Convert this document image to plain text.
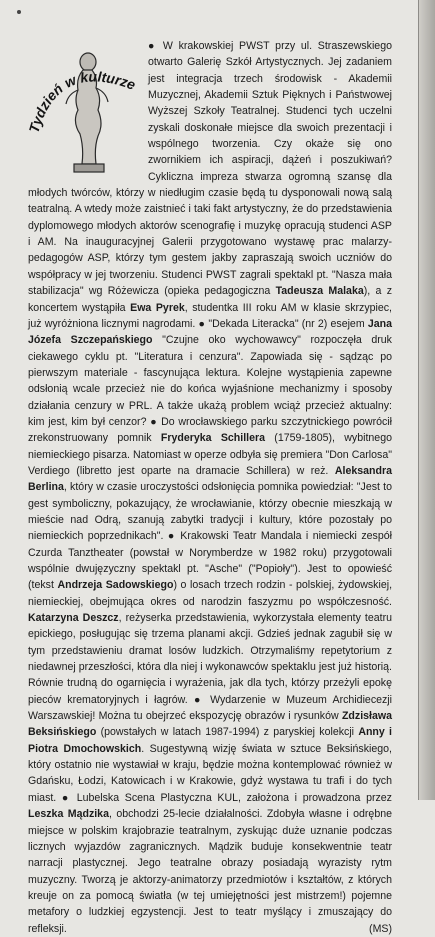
ydzień w kulturze
● W krakowskiej PWST przy ul. Straszewskiego otwarto Galerię Szkół Artystycznych. Jej zadaniem jest integracja trzech środowisk - Akademii Muzycznej, Akademii Sztuk Pięknych i Państwowej Wyższej Szkoły Teatralnej. Studenci tych uczelni zyskali doskonałe miejsce dla swoich prezentacji i wspólnego tworzenia. Czy okaże się ono zwornikiem ich aspiracji, dążeń i poszukiwań? Cykliczna impreza stwarza ogromną szansę dla młodych twórców, którzy w niedługim czasie będą tu dysponowali nową salą teatralną. A wtedy może zaistnieć i taki fakt artystyczny, że do przedstawienia dyplomowego młodych aktorów scenografię i muzykę opracują studenci ASP i AM. Na inauguracyjnej Galerii przygotowano wystawę prac malarzy-pedagogów ASP, którzy tym gestem jakby zapraszają swoich uczniów do współpracy w jej tworzeniu. Studenci PWST zagrali spektakl pt. "Nasza mała stabilizacja" wg Różewicza (opieka pedagogiczna Tadeusza Malaka), a z koncertem wystąpiła Ewa Pyrek, studentka III roku AM w klasie skrzypiec, już wyróżniona licznymi nagrodami. ● "Dekada Literacka" (nr 2) esejem Jana Józefa Szczepańskiego "Czujne oko wychowawcy" rozpoczęła druk ciekawego cyklu pt. "Literatura i cenzura". Zapowiada się - sądząc po pierwszym materiale - fascynująca lektura. Kolejne wystąpienia zapewne odsłonią wcale przecież nie do końca wyjaśnione mechanizmy i sposoby działania cenzury w PRL. A także ukażą problem wciąż przecież aktualny: kim jest, kim był cenzor? ● Do wrocławskiego parku szczytnickiego powrócił zrekonstruowany pomnik Fryderyka Schillera (1759-1805), wybitnego niemieckiego pisarza. Natomiast w operze odbyła się premiera "Don Carlosa" Verdiego (libretto jest oparte na dramacie Schillera) w reż. Aleksandra Berlina, który w czasie uroczystości odsłonięcia pomnika powiedział: "Jest to gest symboliczny, pokazujący, że wrocławianie, którzy obecnie mieszkają w mieście nad Odrą, szanują zabytki tradycji i kultury, które pozostały po niemieckich poprzednikach". ● Krakowski Teatr Mandala i niemiecki zespół Czurda Tanztheater (powstał w Norymberdze w 1982 roku) przygotowali wspólnie dwujęzyczny spektakl pt. "Asche" ("Popioły"). Jest to opowieść (tekst Andrzeja Sadowskiego) o losach trzech rodzin - polskiej, żydowskiej, niemieckiej, obejmująca okres od narodzin faszyzmu po współczesność. Katarzyna Deszcz, reżyserka przedstawienia, wykorzystała elementy teatru epickiego, posługując się trzema planami akcji. Gdzieś jednak zagubił się w tym przedstawieniu dramat losów ludzkich. Otrzymaliśmy repetytorium z niedawnej przeszłości, która dla niej i wykonawców spektaklu jest już historią. Równie trudną do ogarnięcia i wyrażenia, jak dla tych, którzy przeżyli epokę pieców krematoryjnych i łagrów. ● Wydarzenie w Muzeum Archidiecezji Warszawskiej! Można tu obejrzeć ekspozycję obrazów i rysunków Zdzisława Beksińskiego (powstałych w latach 1987-1994) z paryskiej kolekcji Anny i Piotra Dmochowskich. Sugestywną wizję świata w sztuce Beksińskiego, który ostatnio nie wystawiał w kraju, będzie można kontemplować również w Gdańsku, Łodzi, Katowicach i w Krakowie, gdyż wystawa tu trafi i do tych miast. ● Lubelska Scena Plastyczna KUL, założona i prowadzona przez Leszka Mądzika, obchodzi 25-lecie działalności. Zdobyła własne i odrębne miejsce w polskim krajobrazie teatralnym, zyskując duże uznanie podczas licznych wyjazdów zagranicznych. Mądzik buduje konsekwentnie teatr narracji plastycznej. Jego teatralne obrazy posiadają wyrazisty rytm muzyczny. Tworzą je aktorzy-animatorzy przedmiotów i kształtów, z których kreuje on za pomocą światła (w tej umiejętności jest mistrzem!) pojemne metafory o ludzkiej egzystencji. Jest to teatr myślący i zmuszający do refleksji.	(MS)
